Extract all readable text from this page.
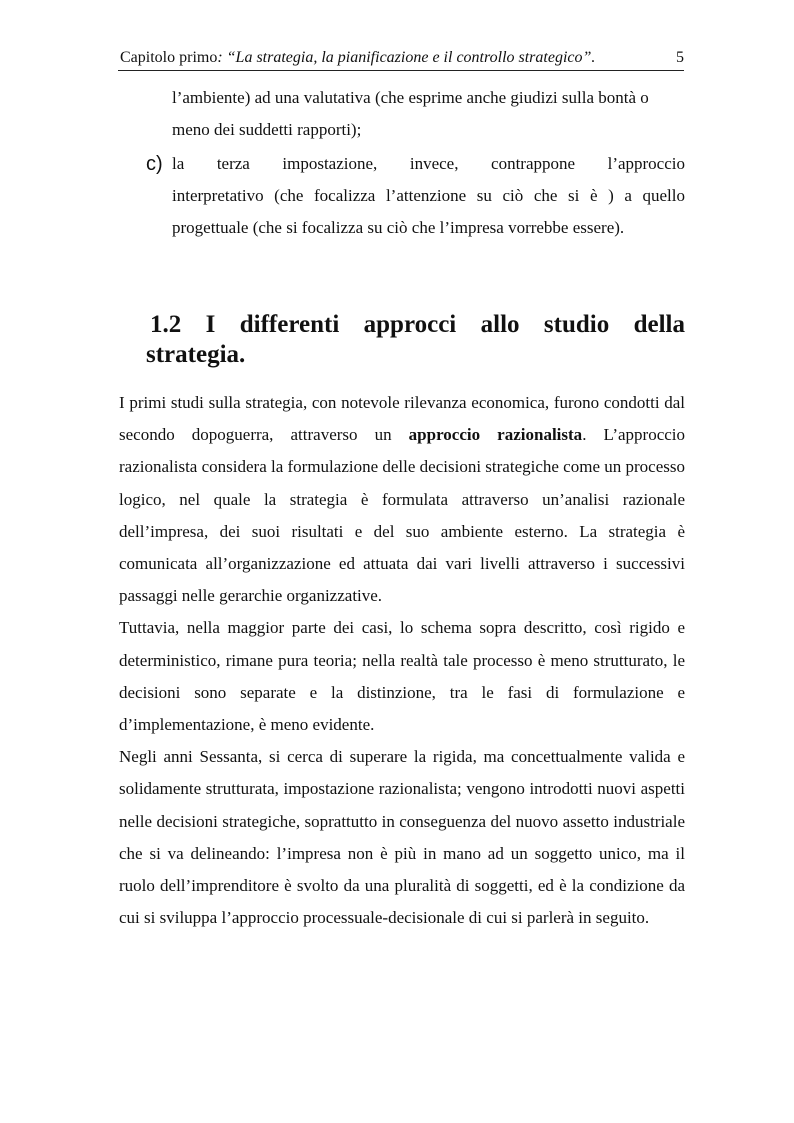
Capitolo primo: “La strategia, la pianificazione e il controllo strategico”.	5
l’ambiente) ad una valutativa (che esprime anche giudizi sulla bontà o meno dei suddetti rapporti);
c) la terza impostazione, invece, contrappone l’approccio
interpretativo (che focalizza l’attenzione su ciò che si è ) a quello progettuale (che si focalizza su ciò che l’impresa vorrebbe essere).
1.2 I differenti approcci allo studio della
strategia.

I primi studi sulla strategia, con notevole rilevanza economica, furono condotti dal secondo dopoguerra, attraverso un approccio razionalista. L’approccio razionalista considera la formulazione delle decisioni strategiche come un processo logico, nel quale la strategia è formulata attraverso un’analisi razionale dell’impresa, dei suoi risultati e del suo ambiente esterno. La strategia è comunicata all’organizzazione ed attuata dai vari livelli attraverso i successivi passaggi nelle gerarchie organizzative.

Tuttavia, nella maggior parte dei casi, lo schema sopra descritto, così rigido e deterministico, rimane pura teoria; nella realtà tale processo è meno strutturato, le decisioni sono separate e la distinzione, tra le fasi di formulazione e d’implementazione, è meno evidente.

Negli anni Sessanta, si cerca di superare la rigida, ma concettualmente valida e solidamente strutturata, impostazione razionalista; vengono introdotti nuovi aspetti nelle decisioni strategiche, soprattutto in conseguenza del nuovo assetto industriale che si va delineando: l’impresa non è più in mano ad un soggetto unico, ma il ruolo dell’imprenditore è svolto da una pluralità di soggetti, ed è la condizione da cui si sviluppa l’approccio processuale-decisionale di cui si parlerà in seguito.
